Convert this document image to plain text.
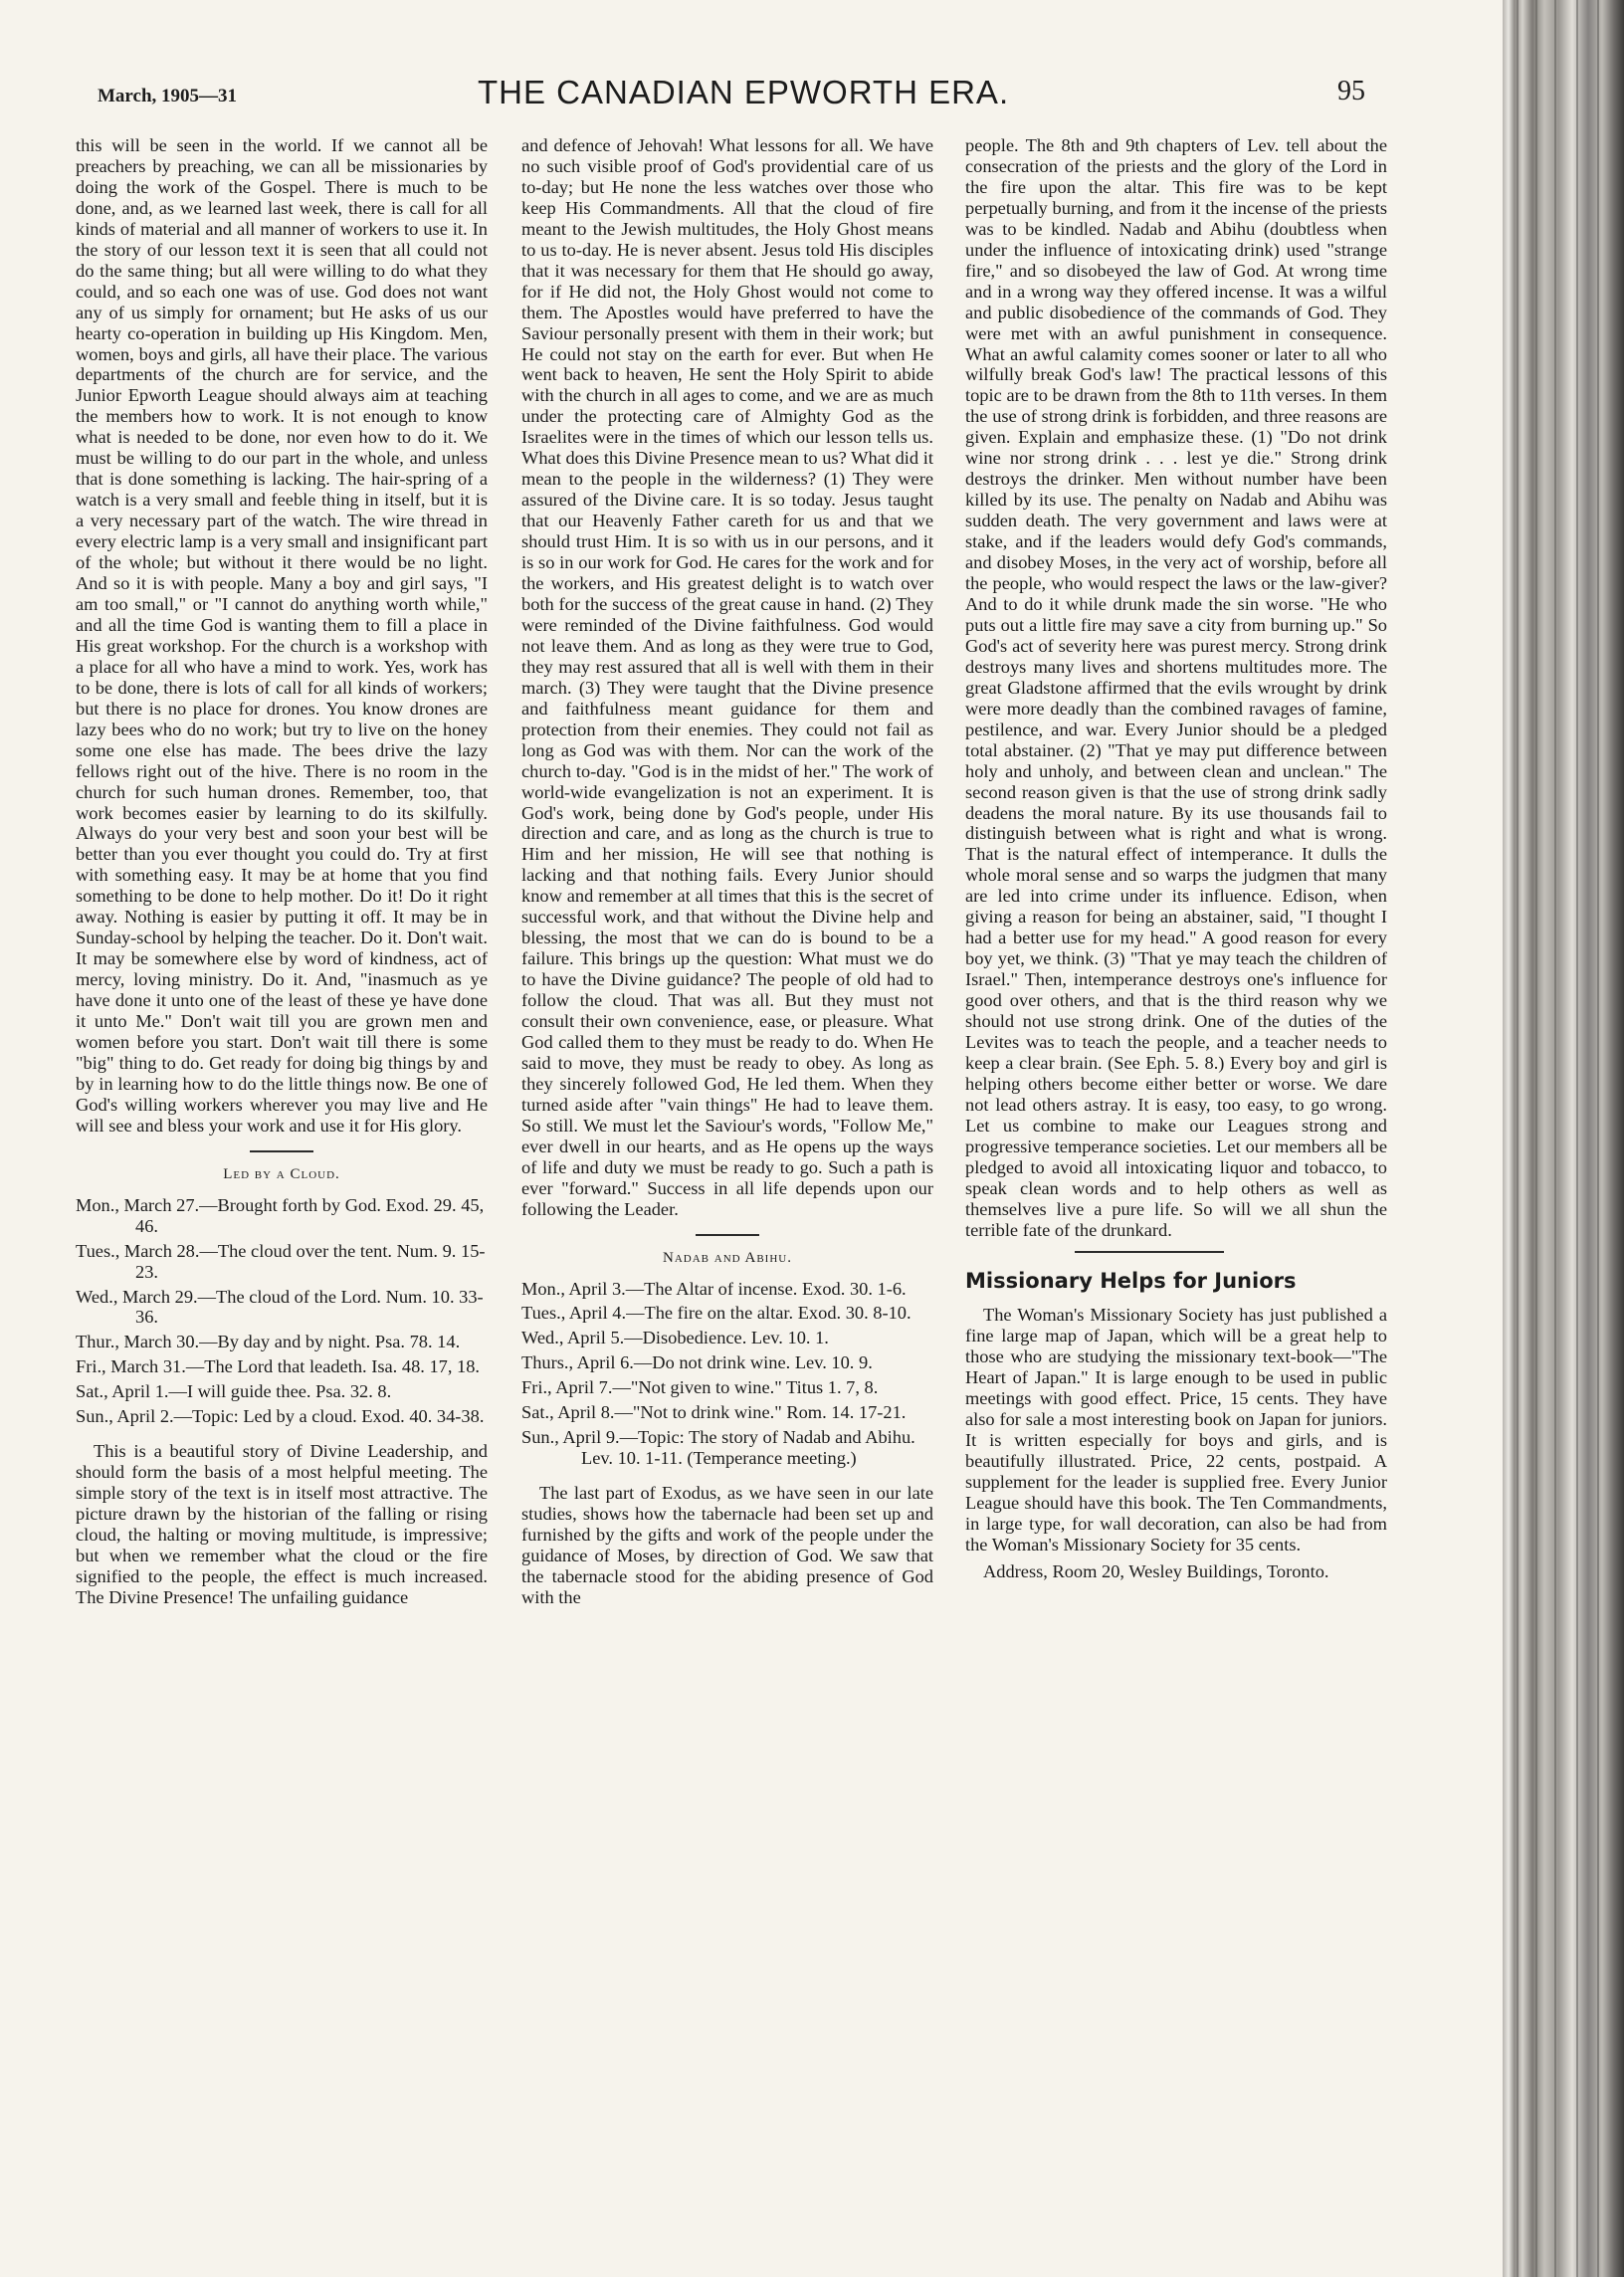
March, 1905—31	THE CANADIAN EPWORTH ERA.	95

this will be seen in the world. If we cannot all be preachers by preaching, we can all be missionaries by doing the work of the Gospel. There is much to be done, and, as we learned last week, there is call for all kinds of material and all manner of workers to use it. In the story of our lesson text it is seen that all could not do the same thing; but all were willing to do what they could, and so each one was of use. God does not want any of us simply for ornament; but He asks of us our hearty co-operation in building up His Kingdom. Men, women, boys and girls, all have their place. The various departments of the church are for service, and the Junior Epworth League should always aim at teaching the members how to work. It is not enough to know what is needed to be done, nor even how to do it. We must be willing to do our part in the whole, and unless that is done something is lacking. The hair-spring of a watch is a very small and feeble thing in itself, but it is a very necessary part of the watch. The wire thread in every electric lamp is a very small and insignificant part of the whole; but without it there would be no light. And so it is with people. Many a boy and girl says, "I am too small," or "I cannot do anything worth while," and all the time God is wanting them to fill a place in His great workshop. For the church is a workshop with a place for all who have a mind to work. Yes, work has to be done, there is lots of call for all kinds of workers; but there is no place for drones. You know drones are lazy bees who do no work; but try to live on the honey some one else has made. The bees drive the lazy fellows right out of the hive. There is no room in the church for such human drones. Remember, too, that work becomes easier by learning to do its skilfully. Always do your very best and soon your best will be better than you ever thought you could do. Try at first with something easy. It may be at home that you find something to be done to help mother. Do it! Do it right away. Nothing is easier by putting it off. It may be in Sunday-school by helping the teacher. Do it. Don't wait. It may be somewhere else by word of kindness, act of mercy, loving ministry. Do it. And, "inasmuch as ye have done it unto one of the least of these ye have done it unto Me." Don't wait till you are grown men and women before you start. Don't wait till there is some "big" thing to do. Get ready for doing big things by and by in learning how to do the little things now. Be one of God's willing workers wherever you may live and He will see and bless your work and use it for His glory.

Led by a Cloud.
Mon., March 27.—Brought forth by God. Exod. 29. 45, 46.
Tues., March 28.—The cloud over the tent. Num. 9. 15-23.
Wed., March 29.—The cloud of the Lord. Num. 10. 33-36.
Thur., March 30.—By day and by night. Psa. 78. 14.
Fri., March 31.—The Lord that leadeth. Isa. 48. 17, 18.
Sat., April 1.—I will guide thee. Psa. 32. 8.
Sun., April 2.—Topic: Led by a cloud. Exod. 40. 34-38.

This is a beautiful story of Divine Leadership, and should form the basis of a most helpful meeting. The simple story of the text is in itself most attractive. The picture drawn by the historian of the falling or rising cloud, the halting or moving multitude, is impressive; but when we remember what the cloud or the fire signified to the people, the effect is much increased. The Divine Presence! The unfailing guidance

and defence of Jehovah! What lessons for all. We have no such visible proof of God's providential care of us to-day; but He none the less watches over those who keep His Commandments. All that the cloud of fire meant to the Jewish multitudes, the Holy Ghost means to us to-day. He is never absent. Jesus told His disciples that it was necessary for them that He should go away, for if He did not, the Holy Ghost would not come to them. The Apostles would have preferred to have the Saviour personally present with them in their work; but He could not stay on the earth for ever. But when He went back to heaven, He sent the Holy Spirit to abide with the church in all ages to come, and we are as much under the protecting care of Almighty God as the Israelites were in the times of which our lesson tells us. What does this Divine Presence mean to us? What did it mean to the people in the wilderness? (1) They were assured of the Divine care. It is so today. Jesus taught that our Heavenly Father careth for us and that we should trust Him. It is so with us in our persons, and it is so in our work for God. He cares for the work and for the workers, and His greatest delight is to watch over both for the success of the great cause in hand. (2) They were reminded of the Divine faithfulness. God would not leave them. And as long as they were true to God, they may rest assured that all is well with them in their march. (3) They were taught that the Divine presence and faithfulness meant guidance for them and protection from their enemies. They could not fail as long as God was with them. Nor can the work of the church to-day. "God is in the midst of her." The work of world-wide evangelization is not an experiment. It is God's work, being done by God's people, under His direction and care, and as long as the church is true to Him and her mission, He will see that nothing is lacking and that nothing fails. Every Junior should know and remember at all times that this is the secret of successful work, and that without the Divine help and blessing, the most that we can do is bound to be a failure. This brings up the question: What must we do to have the Divine guidance? The people of old had to follow the cloud. That was all. But they must not consult their own convenience, ease, or pleasure. What God called them to they must be ready to do. When He said to move, they must be ready to obey. As long as they sincerely followed God, He led them. When they turned aside after "vain things" He had to leave them. So still. We must let the Saviour's words, "Follow Me," ever dwell in our hearts, and as He opens up the ways of life and duty we must be ready to go. Such a path is ever "forward." Success in all life depends upon our following the Leader.

Nadab and Abihu.
Mon., April 3.—The Altar of incense. Exod. 30. 1-6.
Tues., April 4.—The fire on the altar. Exod. 30. 8-10.
Wed., April 5.—Disobedience. Lev. 10. 1.
Thurs., April 6.—Do not drink wine. Lev. 10. 9.
Fri., April 7.—"Not given to wine." Titus 1. 7, 8.
Sat., April 8.—"Not to drink wine." Rom. 14. 17-21.
Sun., April 9.—Topic: The story of Nadab and Abihu. Lev. 10. 1-11. (Temperance meeting.)

The last part of Exodus, as we have seen in our late studies, shows how the tabernacle had been set up and furnished by the gifts and work of the people under the guidance of Moses, by direction of God. We saw that the tabernacle stood for the abiding presence of God with the

people. The 8th and 9th chapters of Lev. tell about the consecration of the priests and the glory of the Lord in the fire upon the altar. This fire was to be kept perpetually burning, and from it the incense of the priests was to be kindled. Nadab and Abihu (doubtless when under the influence of intoxicating drink) used "strange fire," and so disobeyed the law of God. At wrong time and in a wrong way they offered incense. It was a wilful and public disobedience of the commands of God. They were met with an awful punishment in consequence. What an awful calamity comes sooner or later to all who wilfully break God's law! The practical lessons of this topic are to be drawn from the 8th to 11th verses. In them the use of strong drink is forbidden, and three reasons are given. Explain and emphasize these. (1) "Do not drink wine nor strong drink . . . lest ye die." Strong drink destroys the drinker. Men without number have been killed by its use. The penalty on Nadab and Abihu was sudden death. The very government and laws were at stake, and if the leaders would defy God's commands, and disobey Moses, in the very act of worship, before all the people, who would respect the laws or the law-giver? And to do it while drunk made the sin worse. "He who puts out a little fire may save a city from burning up." So God's act of severity here was purest mercy. Strong drink destroys many lives and shortens multitudes more. The great Gladstone affirmed that the evils wrought by drink were more deadly than the combined ravages of famine, pestilence, and war. Every Junior should be a pledged total abstainer. (2) "That ye may put difference between holy and unholy, and between clean and unclean." The second reason given is that the use of strong drink sadly deadens the moral nature. By its use thousands fail to distinguish between what is right and what is wrong. That is the natural effect of intemperance. It dulls the whole moral sense and so warps the judgmen that many are led into crime under its influence. Edison, when giving a reason for being an abstainer, said, "I thought I had a better use for my head." A good reason for every boy yet, we think. (3) "That ye may teach the children of Israel." Then, intemperance destroys one's influence for good over others, and that is the third reason why we should not use strong drink. One of the duties of the Levites was to teach the people, and a teacher needs to keep a clear brain. (See Eph. 5. 8.) Every boy and girl is helping others become either better or worse. We dare not lead others astray. It is easy, too easy, to go wrong. Let us combine to make our Leagues strong and progressive temperance societies. Let our members all be pledged to avoid all intoxicating liquor and tobacco, to speak clean words and to help others as well as themselves live a pure life. So will we all shun the terrible fate of the drunkard.

Missionary Helps for Juniors

The Woman's Missionary Society has just published a fine large map of Japan, which will be a great help to those who are studying the missionary text-book—"The Heart of Japan." It is large enough to be used in public meetings with good effect. Price, 15 cents. They have also for sale a most interesting book on Japan for juniors. It is written especially for boys and girls, and is beautifully illustrated. Price, 22 cents, postpaid. A supplement for the leader is supplied free. Every Junior League should have this book. The Ten Commandments, in large type, for wall decoration, can also be had from the Woman's Missionary Society for 35 cents.

Address, Room 20, Wesley Buildings, Toronto.
